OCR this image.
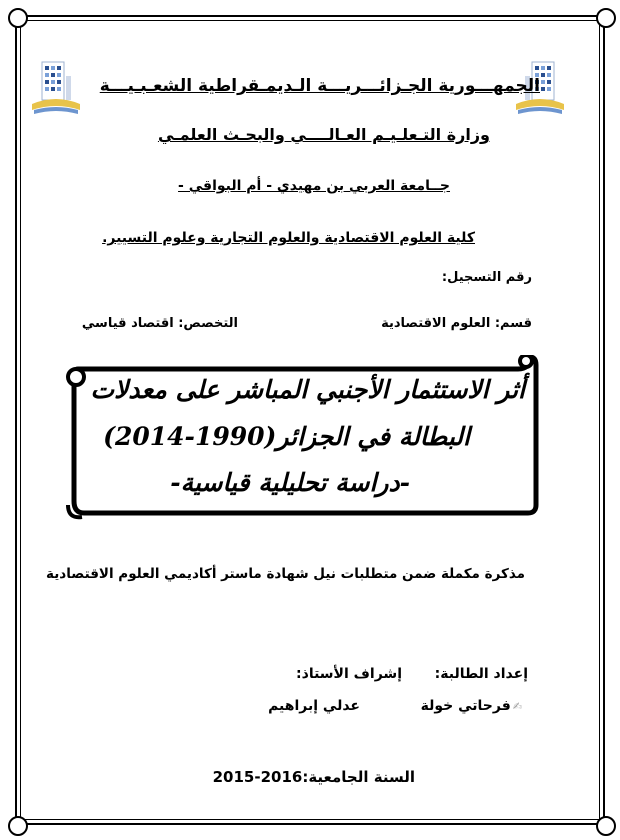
الجمهـــورية الجـزائـــريـــة الـديمـقراطية الشعـبـيـــة
وزارة التـعلـيـم العـالــــي والبحـث العلمـي
جــامعة العربي بن مهيدي - أم البواقي -
كلية العلوم الاقتصادية والعلوم التجارية وعلوم التسيير.
رقم التسجيل:
قسم: العلوم الاقتصادية
التخصص: اقتصاد قياسي
أثر الاستثمار الأجنبي المباشر على معدلات
البطالة في الجزائر(1990-2014)
-دراسة تحليلية قياسية-
مذكرة مكملة ضمن متطلبات نيل شهادة ماستر أكاديمي العلوم الاقتصادية
إعداد الطالبة:
إشراف الأستاذ:
✍فرحاتي خولة
عدلي إبراهيم
السنة الجامعية:2016-2015
